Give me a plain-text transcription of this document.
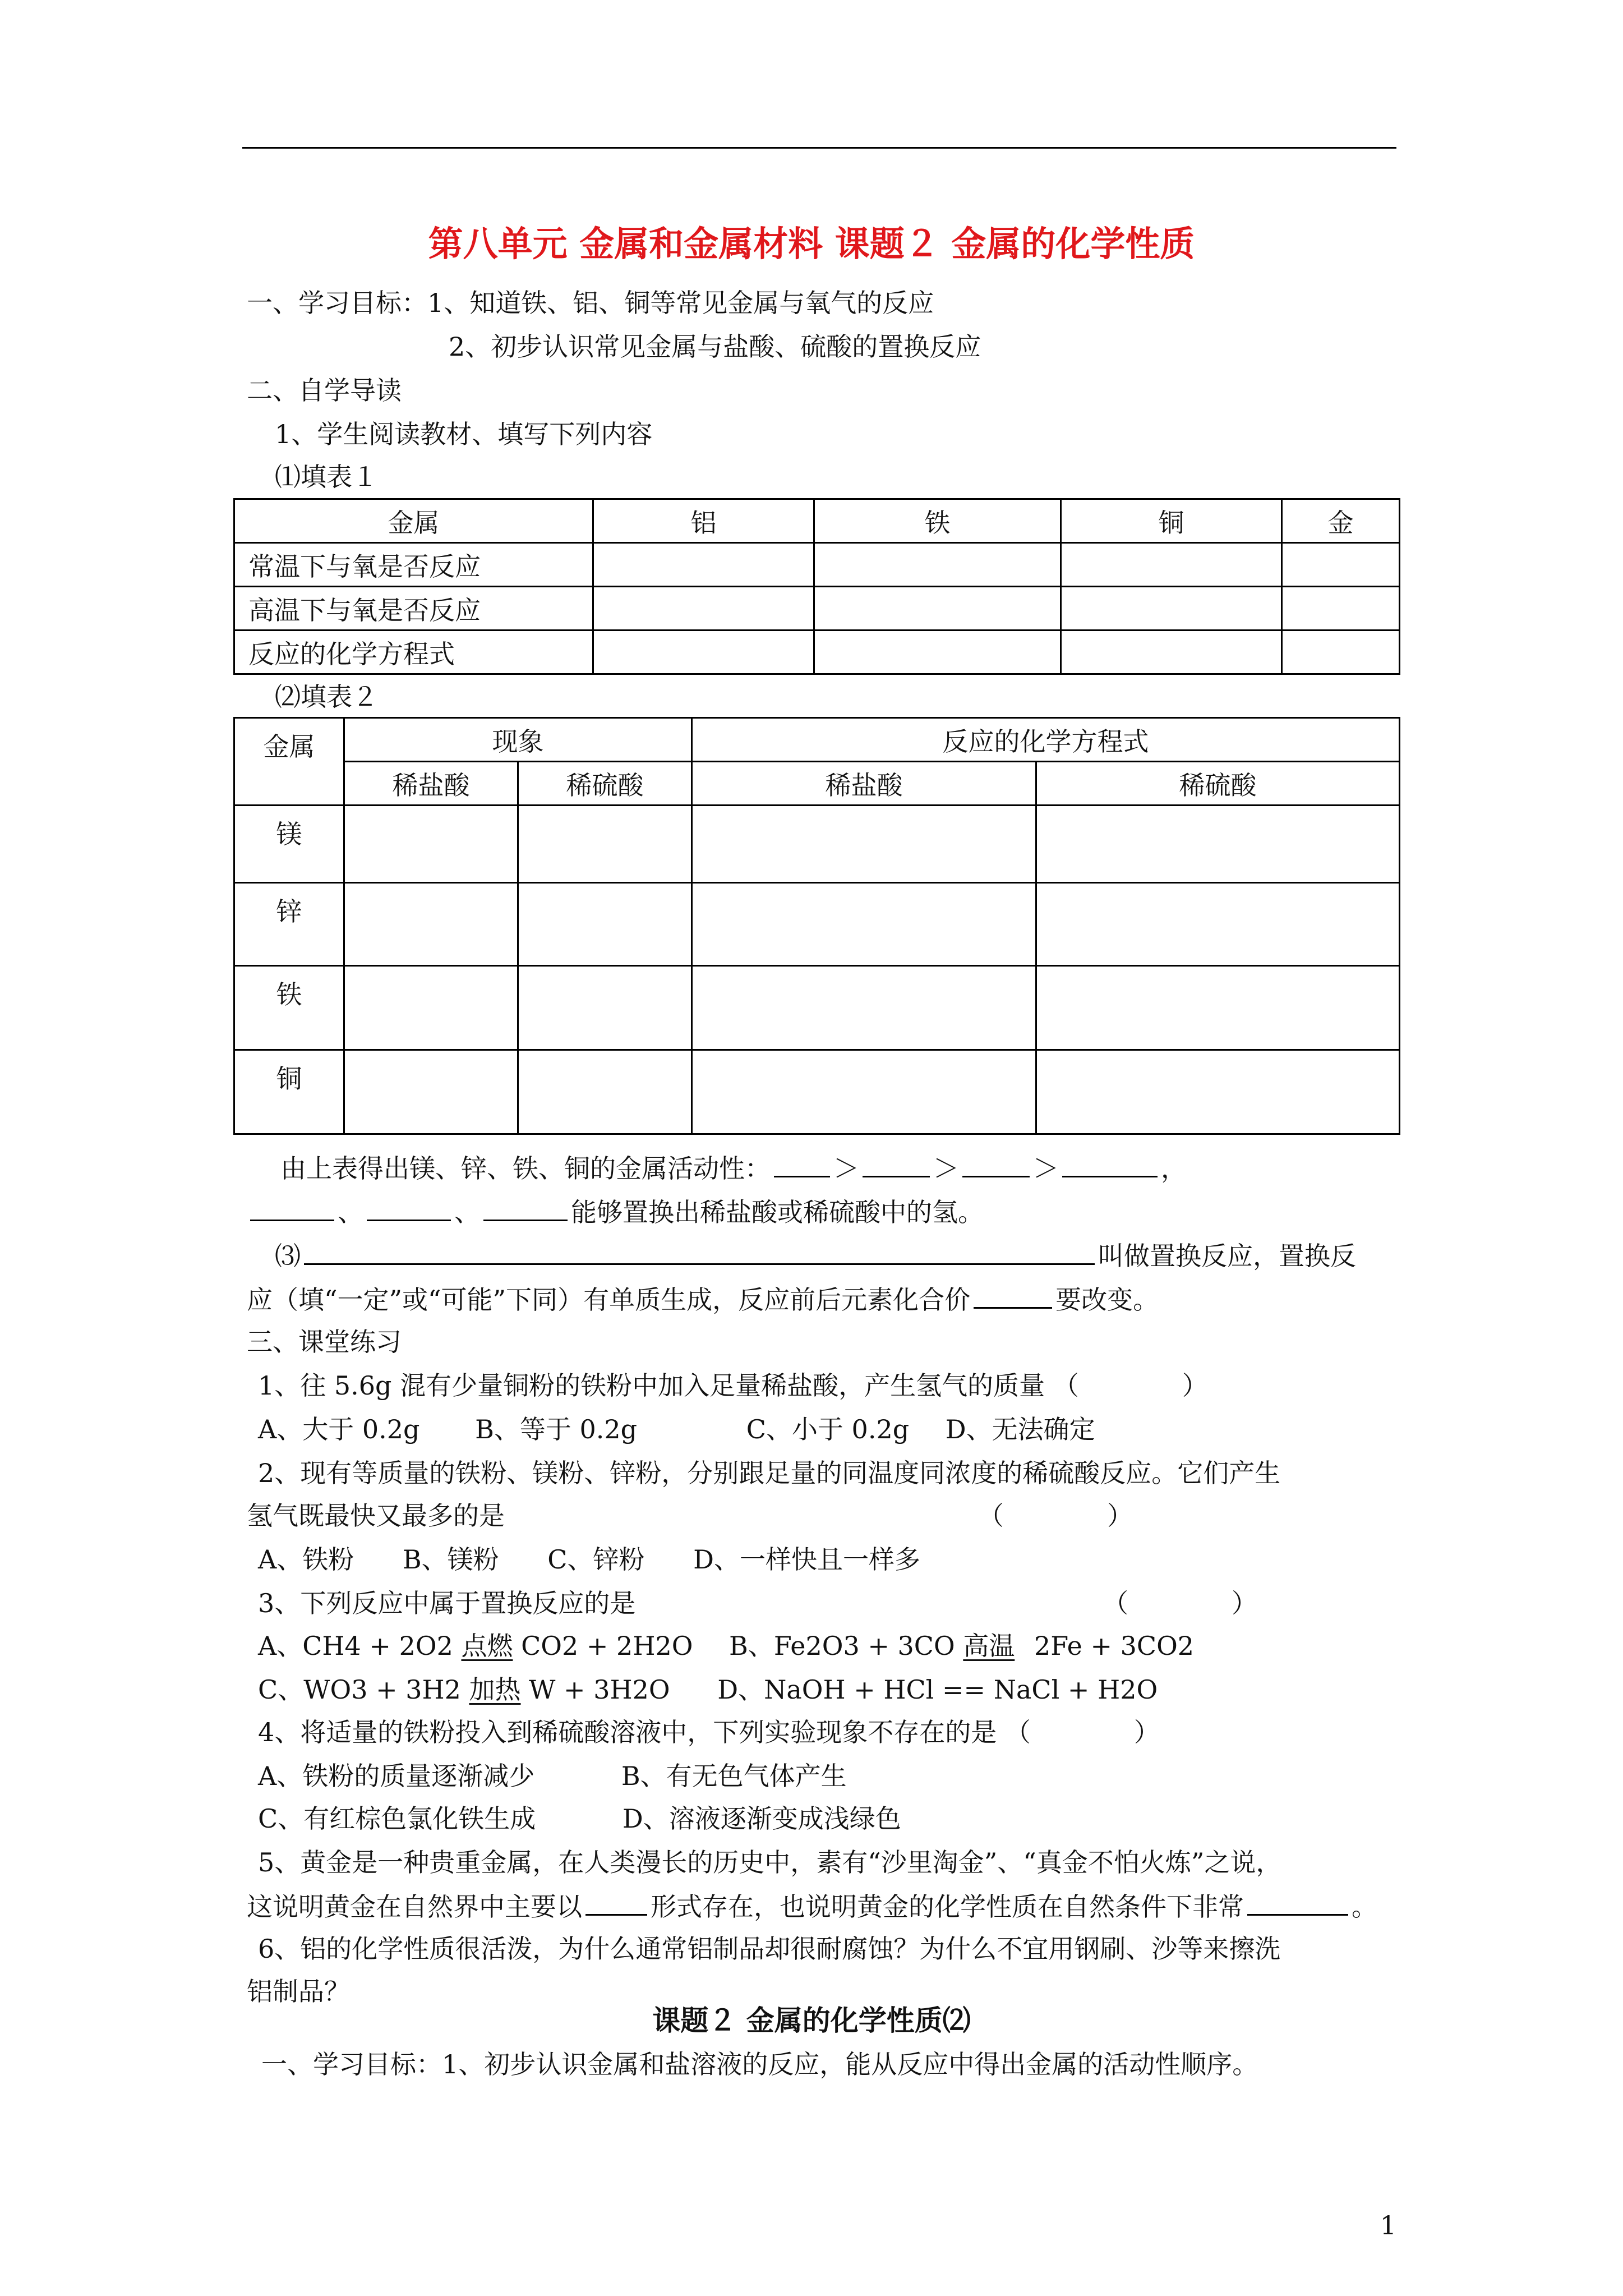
第八单元 金属和金属材料 课题２ 金属的化学性质
一、学习目标：1、知道铁、铝、铜等常见金属与氧气的反应
2、初步认识常见金属与盐酸、硫酸的置换反应
二、自学导读
1、学生阅读教材、填写下列内容
⑴填表１
金属	铝	铁	铜	金
常温下与氧是否反应				
高温下与氧是否反应				
反应的化学方程式				
⑵填表２
金属	现象		反应的化学方程式	
	稀盐酸	稀硫酸	稀盐酸	稀硫酸
镁				
锌				
铁				
铜				
由上表得出镁、锌、铁、铜的金属活动性： ＞	＞	＞	，
、	、	能够置换出稀盐酸或稀硫酸中的氢。
⑶	叫做置换反应，置换反
应（填“一定”或“可能”下同）有单质生成，反应前后元素化合价	要改变。
三、课堂练习
1、往 5.6g 混有少量铜粉的铁粉中加入足量稀盐酸，产生氢气的质量 （　　　　）
A、大于 0.2g B、等于 0.2g	C、小于 0.2g D、无法确定
2、现有等质量的铁粉、镁粉、锌粉，分别跟足量的同温度同浓度的稀硫酸反应。它们产生
氢气既最快又最多的是	（　　　　）
A、铁粉 B、镁粉 C、锌粉 D、一样快且一样多
3、下列反应中属于置换反应的是	（　　　　）
A、CH4 + 2O2 点燃 CO2 + 2H2O B、Fe2O3 + 3CO 高温 2Fe + 3CO2
C、WO3 + 3H2 加热 W + 3H2O D、NaOH + HCl == NaCl + H2O
4、将适量的铁粉投入到稀硫酸溶液中，下列实验现象不存在的是 （　　　　）
A、铁粉的质量逐渐减少	B、有无色气体产生
C、有红棕色氯化铁生成	D、溶液逐渐变成浅绿色
5、黄金是一种贵重金属，在人类漫长的历史中，素有“沙里淘金”、“真金不怕火炼”之说，
这说明黄金在自然界中主要以	形式存在，也说明黄金的化学性质在自然条件下非常	。
6、铝的化学性质很活泼，为什么通常铝制品却很耐腐蚀？为什么不宜用钢刷、沙等来擦洗
铝制品？
课题２ 金属的化学性质⑵
一、学习目标：1、初步认识金属和盐溶液的反应，能从反应中得出金属的活动性顺序。
1
